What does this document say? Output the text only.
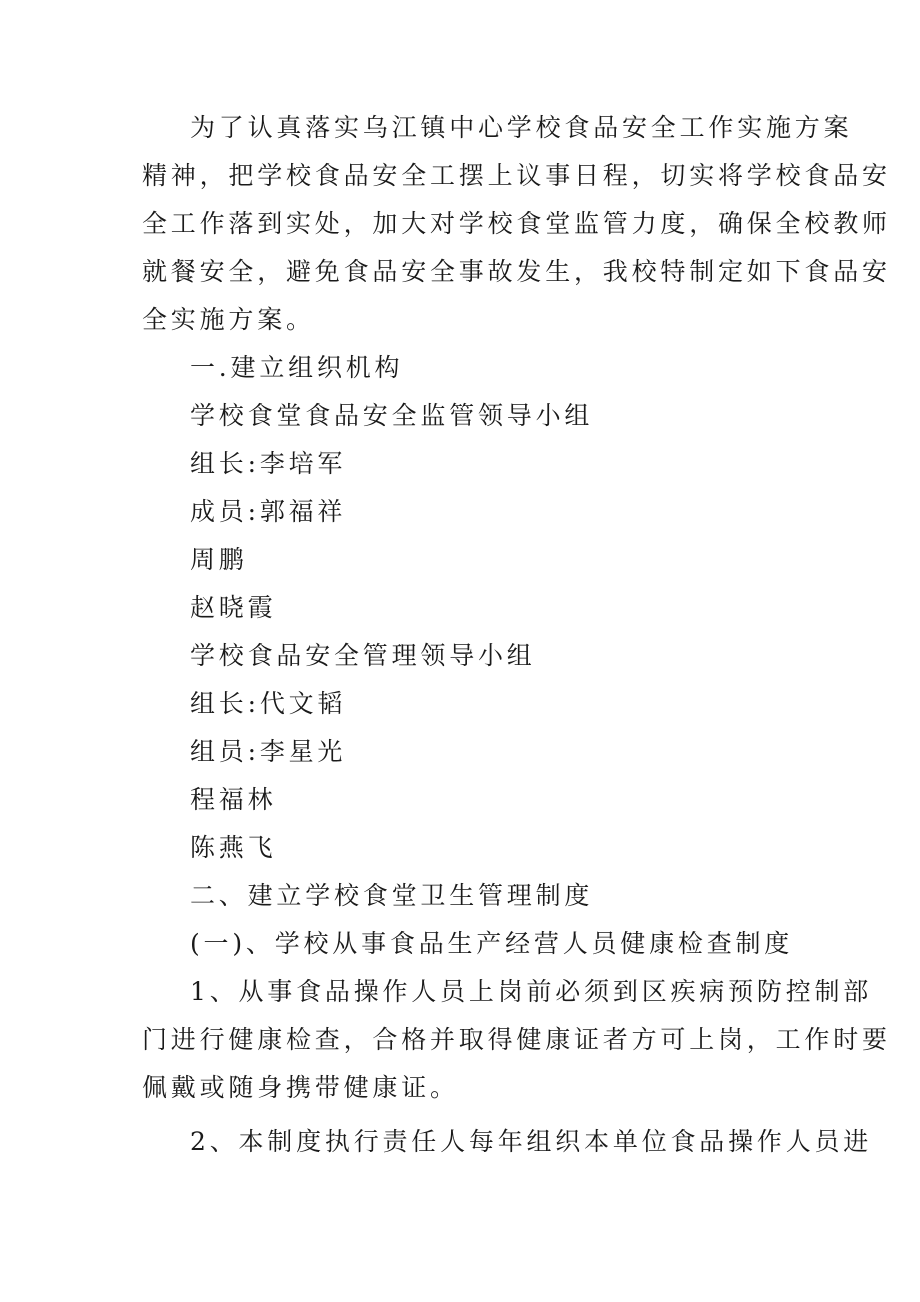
为了认真落实乌江镇中心学校食品安全工作实施方案
精神，把学校食品安全工摆上议事日程，切实将学校食品安
全工作落到实处，加大对学校食堂监管力度，确保全校教师
就餐安全，避免食品安全事故发生，我校特制定如下食品安
全实施方案。
一.建立组织机构
学校食堂食品安全监管领导小组
组长:李培军
成员:郭福祥
周鹏
赵晓霞
学校食品安全管理领导小组
组长:代文韬
组员:李星光
程福林
陈燕飞
二、建立学校食堂卫生管理制度
(一)、学校从事食品生产经营人员健康检查制度
1、从事食品操作人员上岗前必须到区疾病预防控制部
门进行健康检查，合格并取得健康证者方可上岗，工作时要
佩戴或随身携带健康证。
2、本制度执行责任人每年组织本单位食品操作人员进
